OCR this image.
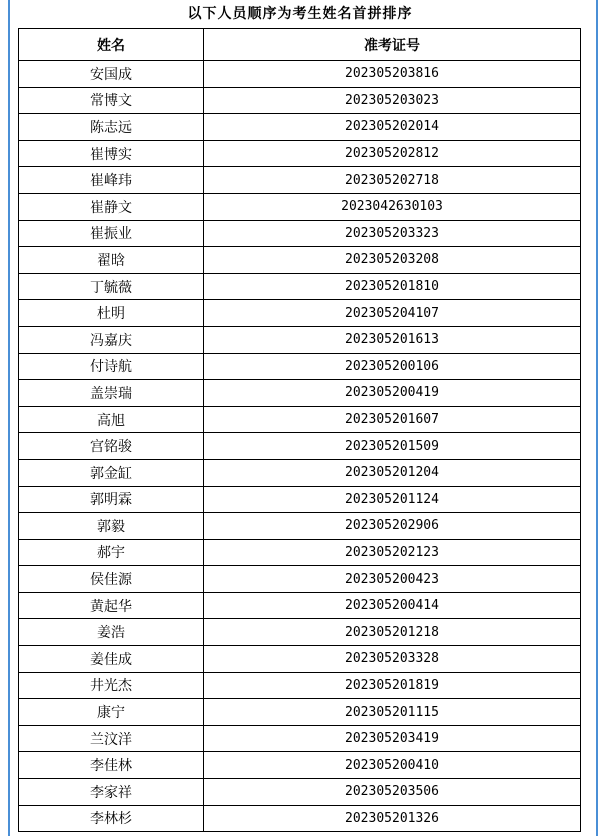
以下人员顺序为考生姓名首拼排序
姓名	准考证号
安国成	202305203816
常博文	202305203023
陈志远	202305202014
崔博实	202305202812
崔峰玮	202305202718
崔静文	2023042630103
崔振业	202305203323
翟晗	202305203208
丁毓薇	202305201810
杜明	202305204107
冯嘉庆	202305201613
付诗航	202305200106
盖崇瑞	202305200419
高旭	202305201607
宫铭骏	202305201509
郭金缸	202305201204
郭明霖	202305201124
郭毅	202305202906
郝宇	202305202123
侯佳源	202305200423
黄起华	202305200414
姜浩	202305201218
姜佳成	202305203328
井光杰	202305201819
康宁	202305201115
兰汶洋	202305203419
李佳林	202305200410
李家祥	202305203506
李林杉	202305201326
